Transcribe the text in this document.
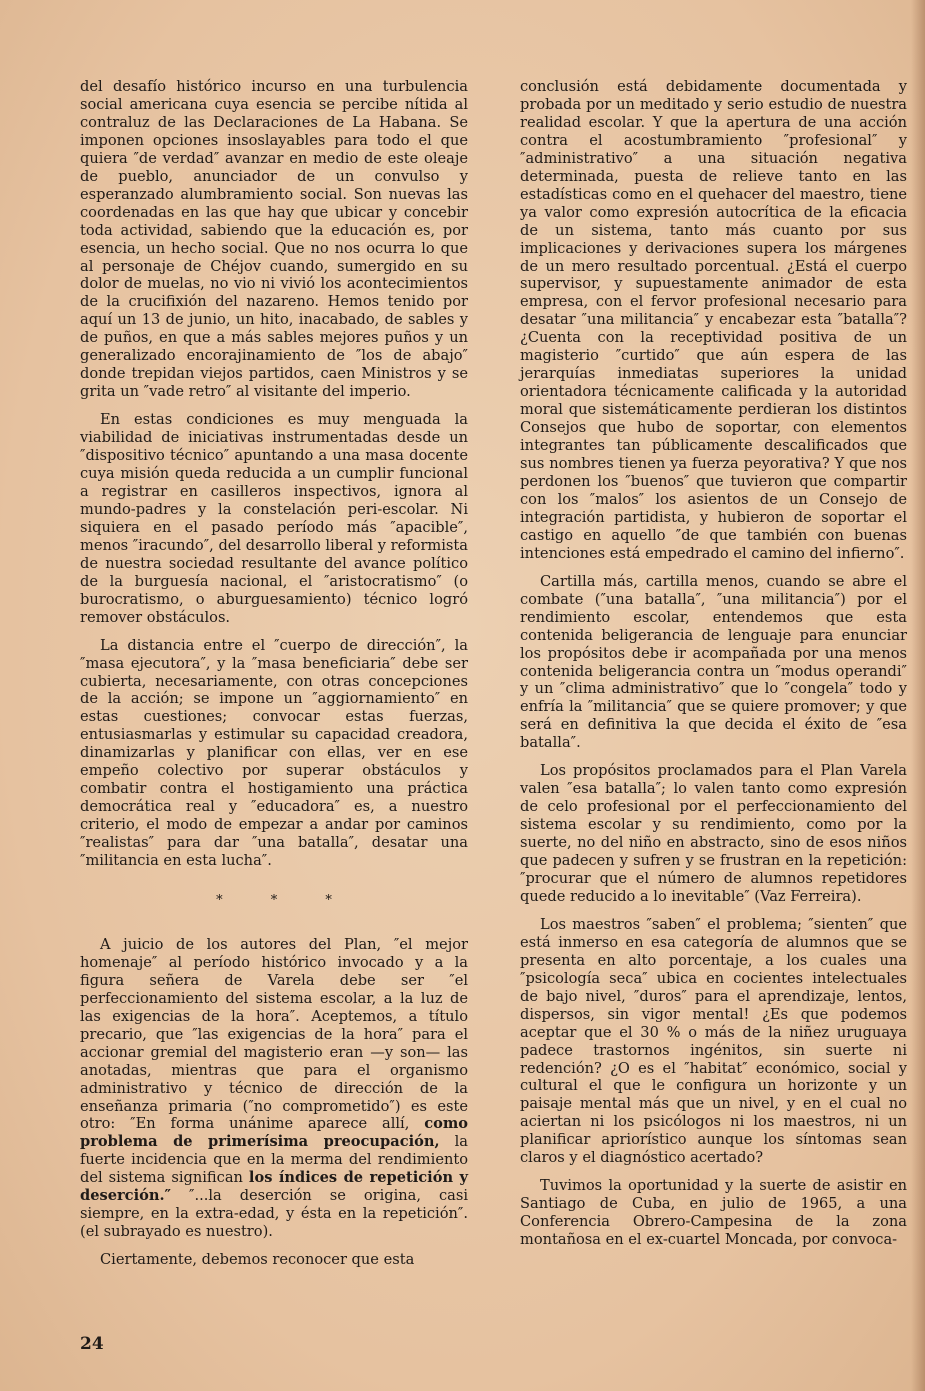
del desafío histórico incurso en una turbulencia social americana cuya esencia se percibe nítida al contraluz de las Declaraciones de La Habana. Se imponen opciones insoslayables para todo el que quiera ″de verdad″ avanzar en medio de este oleaje de pueblo, anunciador de un convulso y esperanzado alumbramiento social. Son nuevas las coordenadas en las que hay que ubicar y concebir toda actividad, sabiendo que la educación es, por esencia, un hecho social. Que no nos ocurra lo que al personaje de Chéjov cuando, sumergido en su dolor de muelas, no vio ni vivió los acontecimientos de la crucifixión del nazareno. Hemos tenido por aquí un 13 de junio, un hito, inacabado, de sables y de puños, en que a más sables mejores puños y un generalizado encorajinamiento de ″los de abajo″ donde trepidan viejos partidos, caen Ministros y se grita un ″vade retro″ al visitante del imperio.

En estas condiciones es muy menguada la viabilidad de iniciativas instrumentadas desde un ″dispositivo técnico″ apuntando a una masa docente cuya misión queda reducida a un cumplir funcional a registrar en casilleros inspectivos, ignora al mundo-padres y la constelación peri-escolar. Ni siquiera en el pasado período más ″apacible″, menos ″iracundo″, del desarrollo liberal y reformista de nuestra sociedad resultante del avance político de la burguesía nacional, el ″aristocratismo″ (o burocratismo, o aburguesamiento) técnico logró remover obstáculos.

La distancia entre el ″cuerpo de dirección″, la ″masa ejecutora″, y la ″masa beneficiaria″ debe ser cubierta, necesariamente, con otras concepciones de la acción; se impone un ″aggiornamiento″ en estas cuestiones; convocar estas fuerzas, entusiasmarlas y estimular su capacidad creadora, dinamizarlas y planificar con ellas, ver en ese empeño colectivo por superar obstáculos y combatir contra el hostigamiento una práctica democrática real y ″educadora″ es, a nuestro criterio, el modo de empezar a andar por caminos ″realistas″ para dar ″una batalla″, desatar una ″militancia en esta lucha″.

* * *

A juicio de los autores del Plan, ″el mejor homenaje″ al período histórico invocado y a la figura señera de Varela debe ser ″el perfeccionamiento del sistema escolar, a la luz de las exigencias de la hora″. Aceptemos, a título precario, que ″las exigencias de la hora″ para el accionar gremial del magisterio eran —y son— las anotadas, mientras que para el organismo administrativo y técnico de dirección de la enseñanza primaria (″no comprometido″) es este otro: ″En forma unánime aparece allí, como problema de primerísima preocupación, la fuerte incidencia que en la merma del rendimiento del sistema significan los índices de repetición y deserción.″ ″...la deserción se origina, casi siempre, en la extra-edad, y ésta en la repetición″. (el subrayado es nuestro).

Ciertamente, debemos reconocer que esta

conclusión está debidamente documentada y probada por un meditado y serio estudio de nuestra realidad escolar. Y que la apertura de una acción contra el acostumbramiento ″profesional″ y ″administrativo″ a una situación negativa determinada, puesta de relieve tanto en las estadísticas como en el quehacer del maestro, tiene ya valor como expresión autocrítica de la eficacia de un sistema, tanto más cuanto por sus implicaciones y derivaciones supera los márgenes de un mero resultado porcentual. ¿Está el cuerpo supervisor, y supuestamente animador de esta empresa, con el fervor profesional necesario para desatar ″una militancia″ y encabezar esta ″batalla″? ¿Cuenta con la receptividad positiva de un magisterio ″curtido″ que aún espera de las jerarquías inmediatas superiores la unidad orientadora técnicamente calificada y la autoridad moral que sistemáticamente perdieran los distintos Consejos que hubo de soportar, con elementos integrantes tan públicamente descalificados que sus nombres tienen ya fuerza peyorativa? Y que nos perdonen los ″buenos″ que tuvieron que compartir con los ″malos″ los asientos de un Consejo de integración partidista, y hubieron de soportar el castigo en aquello ″de que también con buenas intenciones está empedrado el camino del infierno″.

Cartilla más, cartilla menos, cuando se abre el combate (″una batalla″, ″una militancia″) por el rendimiento escolar, entendemos que esta contenida beligerancia de lenguaje para enunciar los propósitos debe ir acompañada por una menos contenida beligerancia contra un ″modus operandi″ y un ″clima administrativo″ que lo ″congela″ todo y enfría la ″militancia″ que se quiere promover; y que será en definitiva la que decida el éxito de ″esa batalla″.

Los propósitos proclamados para el Plan Varela valen ″esa batalla″; lo valen tanto como expresión de celo profesional por el perfeccionamiento del sistema escolar y su rendimiento, como por la suerte, no del niño en abstracto, sino de esos niños que padecen y sufren y se frustran en la repetición: ″procurar que el número de alumnos repetidores quede reducido a lo inevitable″ (Vaz Ferreira).

Los maestros ″saben″ el problema; ″sienten″ que está inmerso en esa categoría de alumnos que se presenta en alto porcentaje, a los cuales una ″psicología seca″ ubica en cocientes intelectuales de bajo nivel, ″duros″ para el aprendizaje, lentos, dispersos, sin vigor mental! ¿Es que podemos aceptar que el 30 % o más de la niñez uruguaya padece trastornos ingénitos, sin suerte ni redención? ¿O es el ″habitat″ económico, social y cultural el que le configura un horizonte y un paisaje mental más que un nivel, y en el cual no aciertan ni los psicólogos ni los maestros, ni un planificar apriorístico aunque los síntomas sean claros y el diagnóstico acertado?

Tuvimos la oportunidad y la suerte de asistir en Santiago de Cuba, en julio de 1965, a una Conferencia Obrero-Campesina de la zona montañosa en el ex-cuartel Moncada, por convoca-

24
